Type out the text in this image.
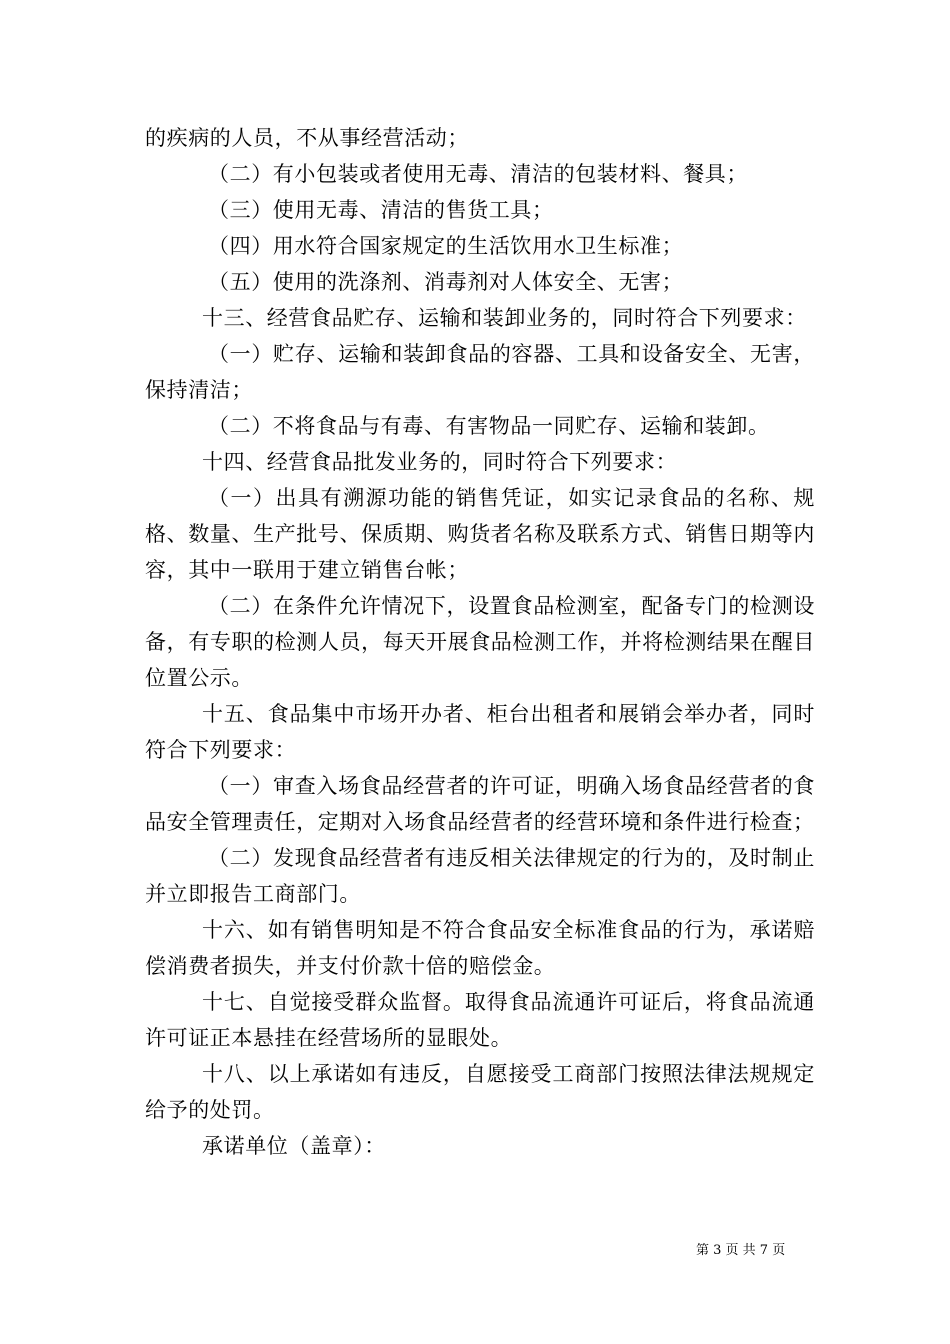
的疾病的人员，不从事经营活动；

（二）有小包装或者使用无毒、清洁的包装材料、餐具；

（三）使用无毒、清洁的售货工具；

（四）用水符合国家规定的生活饮用水卫生标准；

（五）使用的洗涤剂、消毒剂对人体安全、无害；

十三、经营食品贮存、运输和装卸业务的，同时符合下列要求：

（一）贮存、运输和装卸食品的容器、工具和设备安全、无害，保持清洁；

（二）不将食品与有毒、有害物品一同贮存、运输和装卸。

十四、经营食品批发业务的，同时符合下列要求：

（一）出具有溯源功能的销售凭证，如实记录食品的名称、规格、数量、生产批号、保质期、购货者名称及联系方式、销售日期等内容，其中一联用于建立销售台帐；

（二）在条件允许情况下，设置食品检测室，配备专门的检测设备，有专职的检测人员，每天开展食品检测工作，并将检测结果在醒目位置公示。

十五、食品集中市场开办者、柜台出租者和展销会举办者，同时符合下列要求：

（一）审查入场食品经营者的许可证，明确入场食品经营者的食品安全管理责任，定期对入场食品经营者的经营环境和条件进行检查；

（二）发现食品经营者有违反相关法律规定的行为的，及时制止并立即报告工商部门。

十六、如有销售明知是不符合食品安全标准食品的行为，承诺赔偿消费者损失，并支付价款十倍的赔偿金。

十七、自觉接受群众监督。取得食品流通许可证后，将食品流通许可证正本悬挂在经营场所的显眼处。

十八、以上承诺如有违反，自愿接受工商部门按照法律法规规定给予的处罚。

承诺单位（盖章）：

第 3 页 共 7 页
